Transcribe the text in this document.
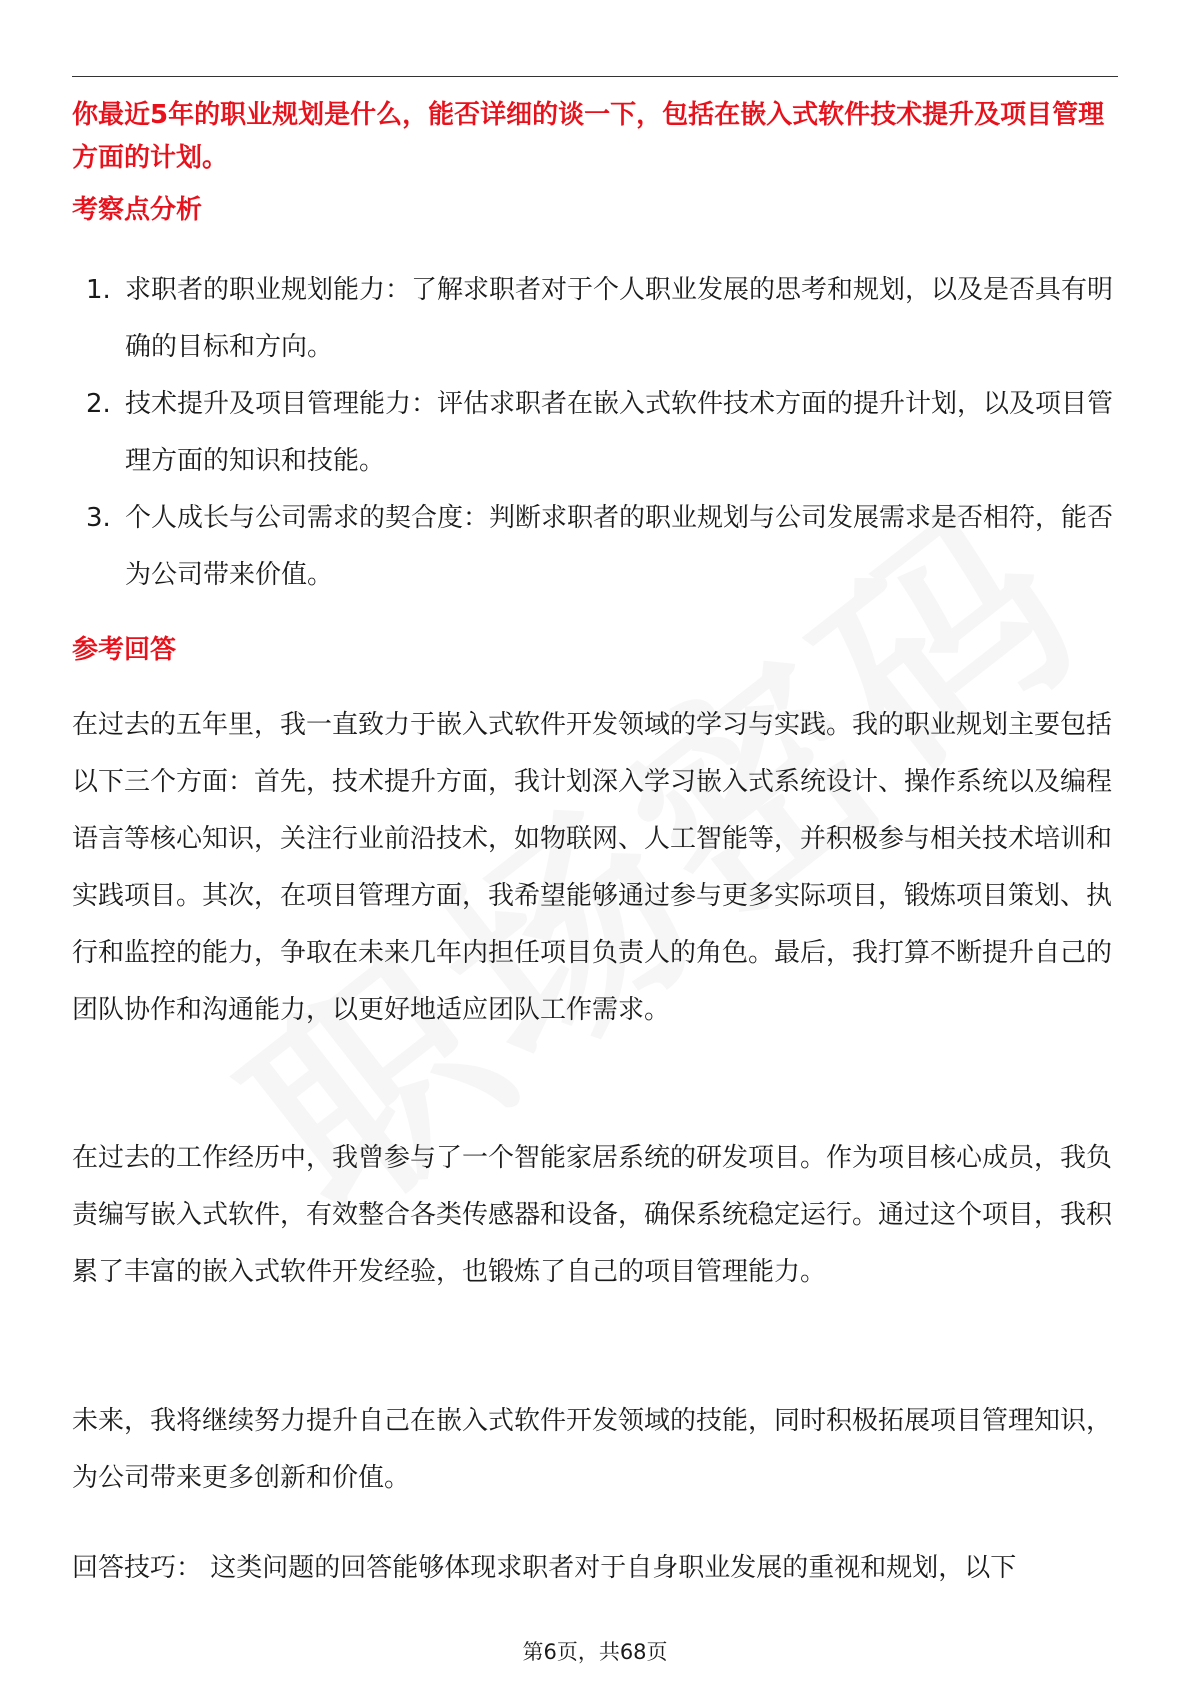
你最近5年的职业规划是什么，能否详细的谈一下，包括在嵌入式软件技术提升及项目管理方面的计划。
考察点分析
1. 求职者的职业规划能力：了解求职者对于个人职业发展的思考和规划，以及是否具有明确的目标和方向。
2. 技术提升及项目管理能力：评估求职者在嵌入式软件技术方面的提升计划，以及项目管理方面的知识和技能。
3. 个人成长与公司需求的契合度：判断求职者的职业规划与公司发展需求是否相符，能否为公司带来价值。
参考回答

在过去的五年里，我一直致力于嵌入式软件开发领域的学习与实践。我的职业规划主要包括以下三个方面：首先，技术提升方面，我计划深入学习嵌入式系统设计、操作系统以及编程语言等核心知识，关注行业前沿技术，如物联网、人工智能等，并积极参与相关技术培训和实践项目。其次，在项目管理方面，我希望能够通过参与更多实际项目，锻炼项目策划、执行和监控的能力，争取在未来几年内担任项目负责人的角色。最后，我打算不断提升自己的团队协作和沟通能力，以更好地适应团队工作需求。

在过去的工作经历中，我曾参与了一个智能家居系统的研发项目。作为项目核心成员，我负责编写嵌入式软件，有效整合各类传感器和设备，确保系统稳定运行。通过这个项目，我积累了丰富的嵌入式软件开发经验，也锻炼了自己的项目管理能力。

未来，我将继续努力提升自己在嵌入式软件开发领域的技能，同时积极拓展项目管理知识，为公司带来更多创新和价值。

回答技巧： 这类问题的回答能够体现求职者对于自身职业发展的重视和规划，以下

第6页，共68页
